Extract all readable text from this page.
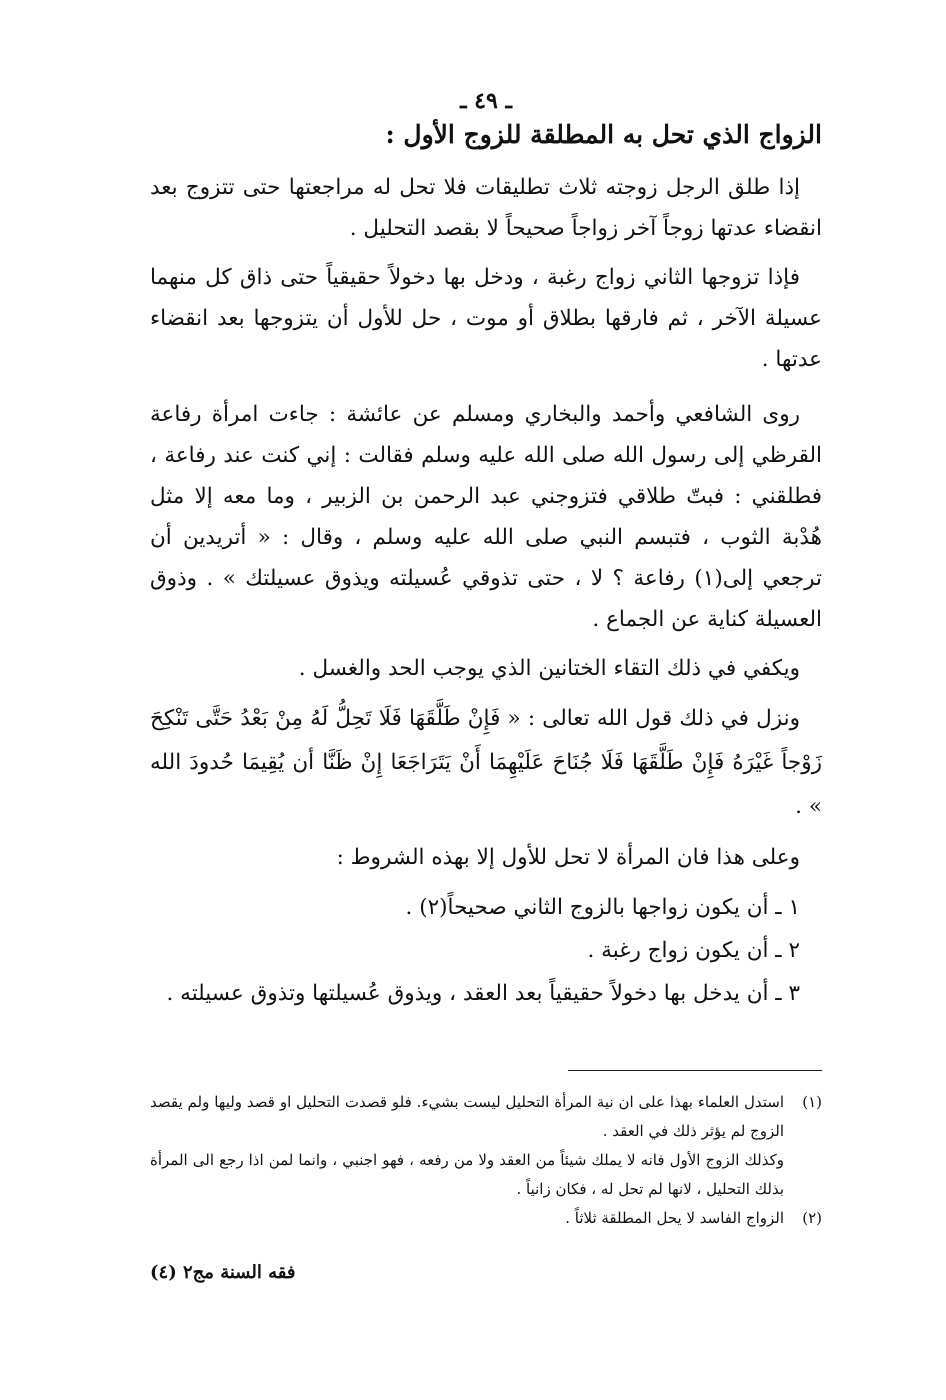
ـ ٤٩ ـ
الزواج الذي تحل به المطلقة للزوج الأول :

إذا طلق الرجل زوجته ثلاث تطليقات فلا تحل له مراجعتها حتى تتزوج بعد انقضاء عدتها زوجاً آخر زواجاً صحيحاً لا بقصد التحليل .

فإذا تزوجها الثاني زواج رغبة ، ودخل بها دخولاً حقيقياً حتى ذاق كل منهما عسيلة الآخر ، ثم فارقها بطلاق أو موت ، حل للأول أن يتزوجها بعد انقضاء عدتها .

روى الشافعي وأحمد والبخاري ومسلم عن عائشة : جاءت امرأة رفاعة القرظي إلى رسول الله صلى الله عليه وسلم فقالت : إني كنت عند رفاعة ، فطلقني : فبتّ طلاقي فتزوجني عبد الرحمن بن الزبير ، وما معه إلا مثل هُدْبة الثوب ، فتبسم النبي صلى الله عليه وسلم ، وقال : « أتريدين أن ترجعي إلى(١) رفاعة ؟ لا ، حتى تذوقي عُسيلته ويذوق عسيلتك » . وذوق العسيلة كناية عن الجماع .

ويكفي في ذلك التقاء الختانين الذي يوجب الحد والغسل .

ونزل في ذلك قول الله تعالى : « فَإِنْ طَلَّقَهَا فَلَا تَحِلُّ لَهُ مِنْ بَعْدُ حَتَّى تَنْكِحَ زَوْجاً غَيْرَهُ فَإِنْ طَلَّقَهَا فَلَا جُنَاحَ عَلَيْهِمَا أَنْ يَتَرَاجَعَا إِنْ ظَنَّا أن يُقِيمَا حُدودَ الله » .

وعلى هذا فان المرأة لا تحل للأول إلا بهذه الشروط :

١ ـ أن يكون زواجها بالزوج الثاني صحيحاً(٢) .

٢ ـ أن يكون زواج رغبة .

٣ ـ أن يدخل بها دخولاً حقيقياً بعد العقد ، ويذوق عُسيلتها وتذوق عسيلته .

(١)
استدل العلماء بهذا على ان نية المرأة التحليل ليست بشيء. فلو قصدت التحليل او قصد وليها ولم يقصد الزوج لم يؤثر ذلك في العقد .

وكذلك الزوج الأول فانه لا يملك شيئاً من العقد ولا من رفعه ، فهو اجنبي ، وانما لمن اذا رجع الى المرأة بذلك التحليل ، لانها لم تحل له ، فكان زانياً .

(٢)
الزواج الفاسد لا يحل المطلقة ثلاثاً .

فقه السنة مج٢ (٤)
